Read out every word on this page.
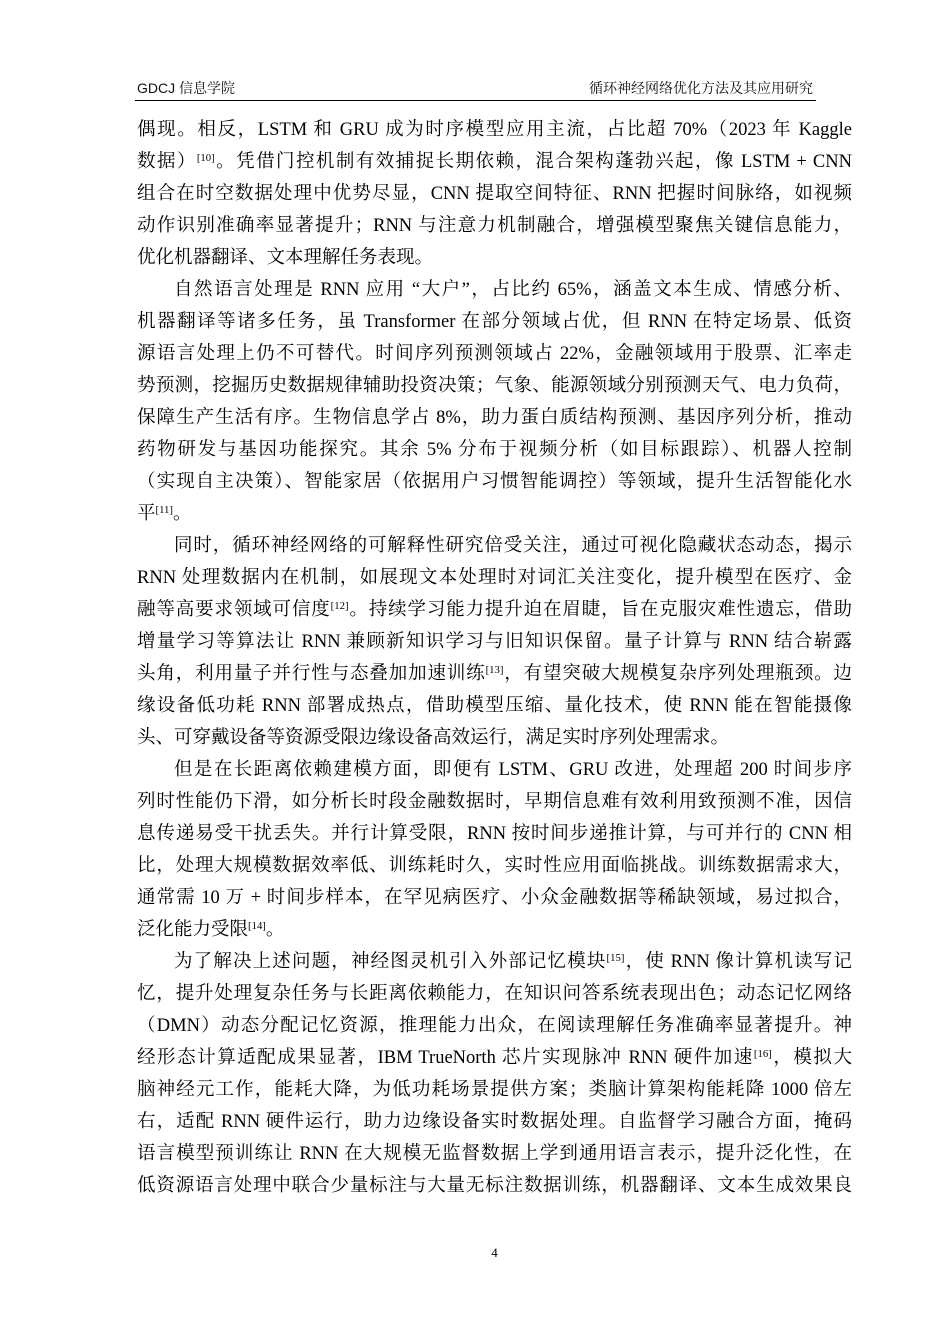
GDCJ 信息学院	循环神经网络优化方法及其应用研究
偶现。相反，LSTM 和 GRU 成为时序模型应用主流，占比超 70%（2023 年 Kaggle
数据）[10]。凭借门控机制有效捕捉长期依赖，混合架构蓬勃兴起，像 LSTM + CNN
组合在时空数据处理中优势尽显，CNN 提取空间特征、RNN 把握时间脉络，如视频
动作识别准确率显著提升；RNN 与注意力机制融合，增强模型聚焦关键信息能力，
优化机器翻译、文本理解任务表现。
自然语言处理是 RNN 应用 “大户”，占比约 65%，涵盖文本生成、情感分析、
机器翻译等诸多任务，虽 Transformer 在部分领域占优，但 RNN 在特定场景、低资
源语言处理上仍不可替代。时间序列预测领域占 22%，金融领域用于股票、汇率走
势预测，挖掘历史数据规律辅助投资决策；气象、能源领域分别预测天气、电力负荷，
保障生产生活有序。生物信息学占 8%，助力蛋白质结构预测、基因序列分析，推动
药物研发与基因功能探究。其余 5% 分布于视频分析（如目标跟踪）、机器人控制
（实现自主决策）、智能家居（依据用户习惯智能调控）等领域，提升生活智能化水
平[11]。
同时，循环神经网络的可解释性研究倍受关注，通过可视化隐藏状态动态，揭示
RNN 处理数据内在机制，如展现文本处理时对词汇关注变化，提升模型在医疗、金
融等高要求领域可信度[12]。持续学习能力提升迫在眉睫，旨在克服灾难性遗忘，借助
增量学习等算法让 RNN 兼顾新知识学习与旧知识保留。量子计算与 RNN 结合崭露
头角，利用量子并行性与态叠加加速训练[13]，有望突破大规模复杂序列处理瓶颈。边
缘设备低功耗 RNN 部署成热点，借助模型压缩、量化技术，使 RNN 能在智能摄像
头、可穿戴设备等资源受限边缘设备高效运行，满足实时序列处理需求。
但是在长距离依赖建模方面，即便有 LSTM、GRU 改进，处理超 200 时间步序
列时性能仍下滑，如分析长时段金融数据时，早期信息难有效利用致预测不准，因信
息传递易受干扰丢失。并行计算受限，RNN 按时间步递推计算，与可并行的 CNN 相
比，处理大规模数据效率低、训练耗时久，实时性应用面临挑战。训练数据需求大，
通常需 10 万 + 时间步样本，在罕见病医疗、小众金融数据等稀缺领域，易过拟合，
泛化能力受限[14]。
为了解决上述问题，神经图灵机引入外部记忆模块[15]，使 RNN 像计算机读写记
忆，提升处理复杂任务与长距离依赖能力，在知识问答系统表现出色；动态记忆网络
（DMN）动态分配记忆资源，推理能力出众，在阅读理解任务准确率显著提升。神
经形态计算适配成果显著，IBM TrueNorth 芯片实现脉冲 RNN 硬件加速[16]，模拟大
脑神经元工作，能耗大降，为低功耗场景提供方案；类脑计算架构能耗降 1000 倍左
右，适配 RNN 硬件运行，助力边缘设备实时数据处理。自监督学习融合方面，掩码
语言模型预训练让 RNN 在大规模无监督数据上学到通用语言表示，提升泛化性，在
低资源语言处理中联合少量标注与大量无标注数据训练，机器翻译、文本生成效果良
4
